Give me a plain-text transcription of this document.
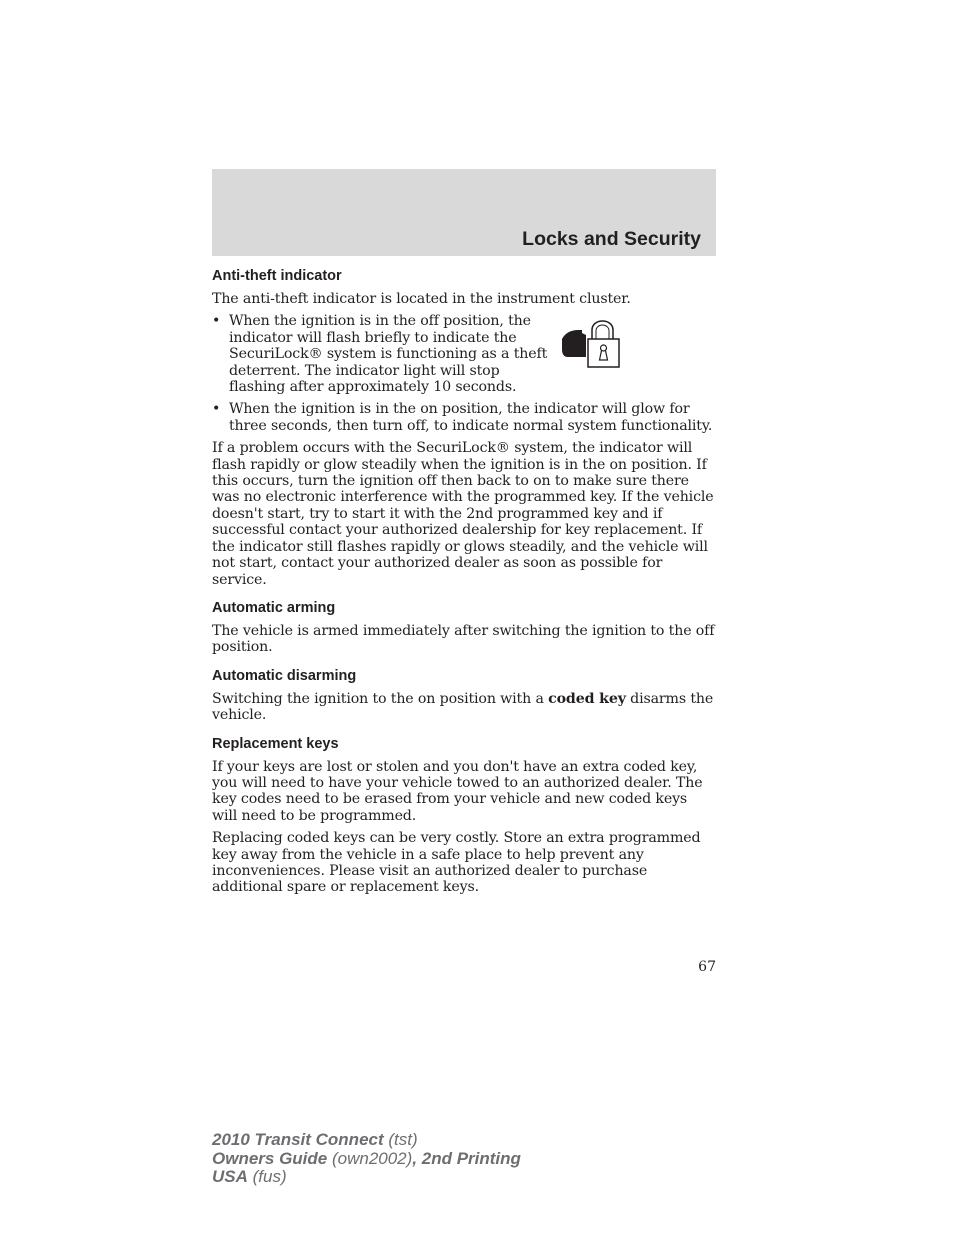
Locks and Security
Anti-theft indicator

The anti-theft indicator is located in the instrument cluster.

• When the ignition is in the off position, the indicator will flash briefly to indicate the SecuriLock® system is functioning as a theft deterrent. The indicator light will stop flashing after approximately 10 seconds.
• When the ignition is in the on position, the indicator will glow for three seconds, then turn off, to indicate normal system functionality.

If a problem occurs with the SecuriLock® system, the indicator will flash rapidly or glow steadily when the ignition is in the on position. If this occurs, turn the ignition off then back to on to make sure there was no electronic interference with the programmed key. If the vehicle doesn't start, try to start it with the 2nd programmed key and if successful contact your authorized dealership for key replacement. If the indicator still flashes rapidly or glows steadily, and the vehicle will not start, contact your authorized dealer as soon as possible for service.

Automatic arming

The vehicle is armed immediately after switching the ignition to the off position.

Automatic disarming

Switching the ignition to the on position with a coded key disarms the vehicle.

Replacement keys

If your keys are lost or stolen and you don't have an extra coded key, you will need to have your vehicle towed to an authorized dealer. The key codes need to be erased from your vehicle and new coded keys will need to be programmed.

Replacing coded keys can be very costly. Store an extra programmed key away from the vehicle in a safe place to help prevent any inconveniences. Please visit an authorized dealer to purchase additional spare or replacement keys.

67
2010 Transit Connect (tst)
Owners Guide (own2002), 2nd Printing
USA (fus)
